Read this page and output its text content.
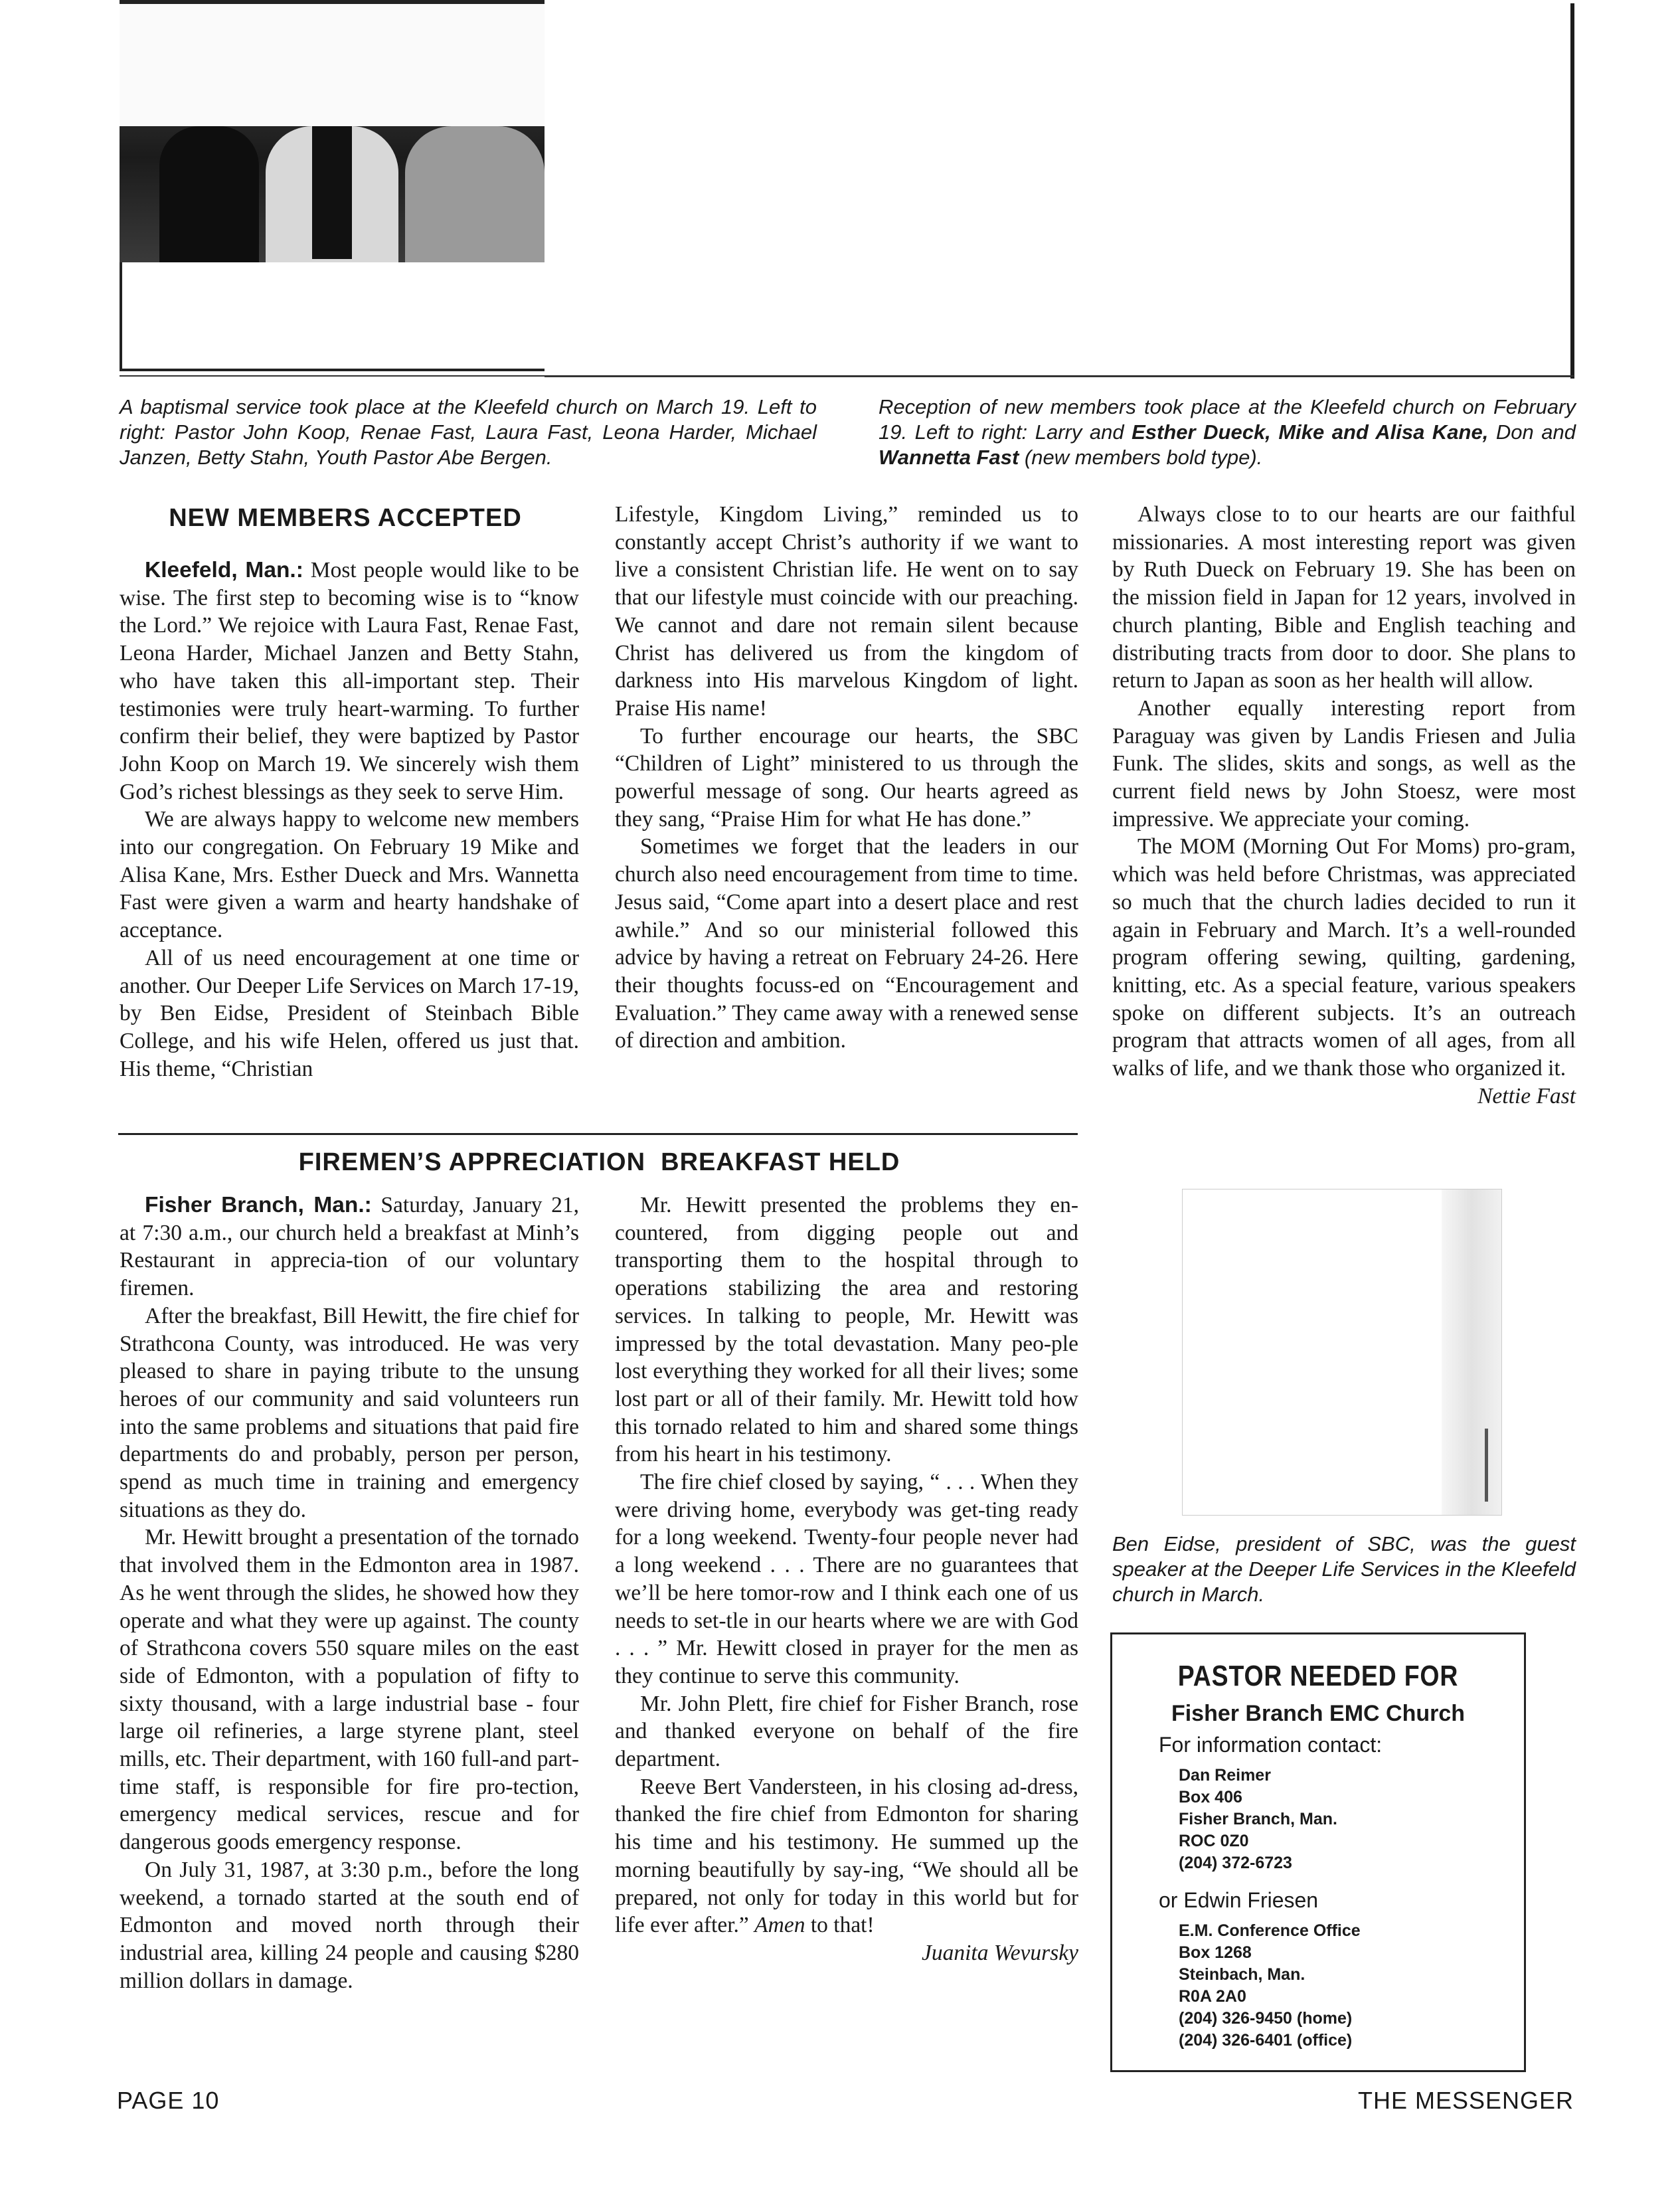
A baptismal service took place at the Kleefeld church on March 19. Left to right: Pastor John Koop, Renae Fast, Laura Fast, Leona Harder, Michael Janzen, Betty Stahn, Youth Pastor Abe Bergen.

Reception of new members took place at the Kleefeld church on February 19. Left to right: Larry and Esther Dueck, Mike and Alisa Kane, Don and Wannetta Fast (new members bold type).

NEW MEMBERS ACCEPTED

Kleefeld, Man.: Most people would like to be wise. The first step to becoming wise is to “know the Lord.” We rejoice with Laura Fast, Renae Fast, Leona Harder, Michael Janzen and Betty Stahn, who have taken this all-important step. Their testimonies were truly heart-warming. To further confirm their belief, they were baptized by Pastor John Koop on March 19. We sincerely wish them God’s richest blessings as they seek to serve Him.

We are always happy to welcome new members into our congregation. On February 19 Mike and Alisa Kane, Mrs. Esther Dueck and Mrs. Wannetta Fast were given a warm and hearty handshake of acceptance.

All of us need encouragement at one time or another. Our Deeper Life Services on March 17-19, by Ben Eidse, President of Steinbach Bible College, and his wife Helen, offered us just that. His theme, “Christian

Lifestyle, Kingdom Living,” reminded us to constantly accept Christ’s authority if we want to live a consistent Christian life. He went on to say that our lifestyle must coincide with our preaching. We cannot and dare not remain silent because Christ has delivered us from the kingdom of darkness into His marvelous Kingdom of light. Praise His name!

To further encourage our hearts, the SBC “Children of Light” ministered to us through the powerful message of song. Our hearts agreed as they sang, “Praise Him for what He has done.”

Sometimes we forget that the leaders in our church also need encouragement from time to time. Jesus said, “Come apart into a desert place and rest awhile.” And so our ministerial followed this advice by having a retreat on February 24-26. Here their thoughts focuss-ed on “Encouragement and Evaluation.” They came away with a renewed sense of direction and ambition.

Always close to to our hearts are our faithful missionaries. A most interesting report was given by Ruth Dueck on February 19. She has been on the mission field in Japan for 12 years, involved in church planting, Bible and English teaching and distributing tracts from door to door. She plans to return to Japan as soon as her health will allow.

Another equally interesting report from Paraguay was given by Landis Friesen and Julia Funk. The slides, skits and songs, as well as the current field news by John Stoesz, were most impressive. We appreciate your coming.

The MOM (Morning Out For Moms) pro-gram, which was held before Christmas, was appreciated so much that the church ladies decided to run it again in February and March. It’s a well-rounded program offering sewing, quilting, gardening, knitting, etc. As a special feature, various speakers spoke on different subjects. It’s an outreach program that attracts women of all ages, from all walks of life, and we thank those who organized it.

Nettie Fast

FIREMEN’S APPRECIATION  BREAKFAST HELD

Fisher Branch, Man.: Saturday, January 21, at 7:30 a.m., our church held a breakfast at Minh’s Restaurant in apprecia-tion of our voluntary firemen.

After the breakfast, Bill Hewitt, the fire chief for Strathcona County, was introduced. He was very pleased to share in paying tribute to the unsung heroes of our community and said volunteers run into the same problems and situations that paid fire departments do and probably, person per person, spend as much time in training and emergency situations as they do.

Mr. Hewitt brought a presentation of the tornado that involved them in the Edmonton area in 1987. As he went through the slides, he showed how they operate and what they were up against. The county of Strathcona covers 550 square miles on the east side of Edmonton, with a population of fifty to sixty thousand, with a large industrial base - four large oil refineries, a large styrene plant, steel mills, etc. Their department, with 160 full-and part-time staff, is responsible for fire pro-tection, emergency medical services, rescue and for dangerous goods emergency response.

On July 31, 1987, at 3:30 p.m., before the long weekend, a tornado started at the south end of Edmonton and moved north through their industrial area, killing 24 people and causing $280 million dollars in damage.

Mr. Hewitt presented the problems they en-countered, from digging people out and transporting them to the hospital through to operations stabilizing the area and restoring services. In talking to people, Mr. Hewitt was impressed by the total devastation. Many peo-ple lost everything they worked for all their lives; some lost part or all of their family. Mr. Hewitt told how this tornado related to him and shared some things from his heart in his testimony.

The fire chief closed by saying, “ . . . When they were driving home, everybody was get-ting ready for a long weekend. Twenty-four people never had a long weekend . . . There are no guarantees that we’ll be here tomor-row and I think each one of us needs to set-tle in our hearts where we are with God . . . ” Mr. Hewitt closed in prayer for the men as they continue to serve this community.

Mr. John Plett, fire chief for Fisher Branch, rose and thanked everyone on behalf of the fire department.

Reeve Bert Vandersteen, in his closing ad-dress, thanked the fire chief from Edmonton for sharing his time and his testimony. He summed up the morning beautifully by say-ing, “We should all be prepared, not only for today in this world but for life ever after.” Amen to that!

Juanita Wevursky

Ben Eidse, president of SBC, was the guest speaker at the Deeper Life Services in the Kleefeld church in March.

PASTOR NEEDED FOR
Fisher Branch EMC Church
For information contact:
Dan Reimer
Box 406
Fisher Branch, Man.
ROC 0Z0
(204) 372-6723
or Edwin Friesen
E.M. Conference Office
Box 1268
Steinbach, Man.
R0A 2A0
(204) 326-9450 (home)
(204) 326-6401 (office)
PAGE 10	THE MESSENGER
